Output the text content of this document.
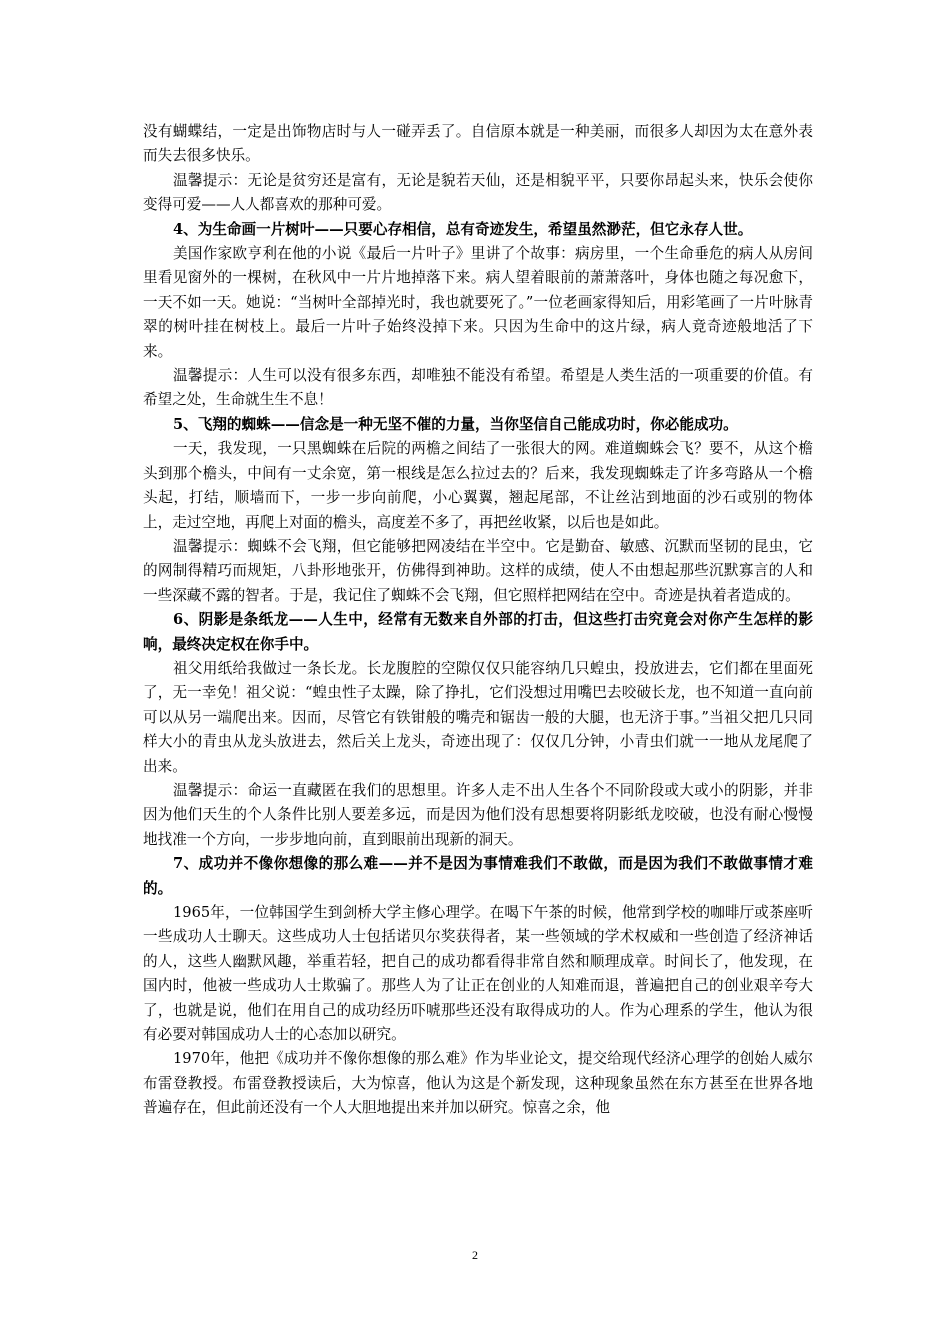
没有蝴蝶结，一定是出饰物店时与人一碰弄丢了。自信原本就是一种美丽，而很多人却因为太在意外表而失去很多快乐。

温馨提示：无论是贫穷还是富有，无论是貌若天仙，还是相貌平平，只要你昂起头来，快乐会使你变得可爱——人人都喜欢的那种可爱。

4、为生命画一片树叶——只要心存相信，总有奇迹发生，希望虽然渺茫，但它永存人世。

美国作家欧亨利在他的小说《最后一片叶子》里讲了个故事：病房里，一个生命垂危的病人从房间里看见窗外的一棵树，在秋风中一片片地掉落下来。病人望着眼前的萧萧落叶，身体也随之每况愈下，一天不如一天。她说：“当树叶全部掉光时，我也就要死了。”一位老画家得知后，用彩笔画了一片叶脉青翠的树叶挂在树枝上。最后一片叶子始终没掉下来。只因为生命中的这片绿，病人竟奇迹般地活了下来。

温馨提示：人生可以没有很多东西，却唯独不能没有希望。希望是人类生活的一项重要的价值。有希望之处，生命就生生不息！

5、飞翔的蜘蛛——信念是一种无坚不催的力量，当你坚信自己能成功时，你必能成功。

一天，我发现，一只黑蜘蛛在后院的两檐之间结了一张很大的网。难道蜘蛛会飞？要不，从这个檐头到那个檐头，中间有一丈余宽，第一根线是怎么拉过去的？后来，我发现蜘蛛走了许多弯路从一个檐头起，打结，顺墙而下，一步一步向前爬，小心翼翼，翘起尾部，不让丝沾到地面的沙石或别的物体上，走过空地，再爬上对面的檐头，高度差不多了，再把丝收紧，以后也是如此。

温馨提示：蜘蛛不会飞翔，但它能够把网凌结在半空中。它是勤奋、敏感、沉默而坚韧的昆虫，它的网制得精巧而规矩，八卦形地张开，仿佛得到神助。这样的成绩，使人不由想起那些沉默寡言的人和一些深藏不露的智者。于是，我记住了蜘蛛不会飞翔，但它照样把网结在空中。奇迹是执着者造成的。

6、阴影是条纸龙——人生中，经常有无数来自外部的打击，但这些打击究竟会对你产生怎样的影响，最终决定权在你手中。

祖父用纸给我做过一条长龙。长龙腹腔的空隙仅仅只能容纳几只蝗虫，投放进去，它们都在里面死了，无一幸免！祖父说：“蝗虫性子太躁，除了挣扎，它们没想过用嘴巴去咬破长龙，也不知道一直向前可以从另一端爬出来。因而，尽管它有铁钳般的嘴壳和锯齿一般的大腿，也无济于事。”当祖父把几只同样大小的青虫从龙头放进去，然后关上龙头，奇迹出现了：仅仅几分钟，小青虫们就一一地从龙尾爬了出来。

温馨提示：命运一直藏匿在我们的思想里。许多人走不出人生各个不同阶段或大或小的阴影，并非因为他们天生的个人条件比别人要差多远，而是因为他们没有思想要将阴影纸龙咬破，也没有耐心慢慢地找准一个方向，一步步地向前，直到眼前出现新的洞天。

7、成功并不像你想像的那么难——并不是因为事情难我们不敢做，而是因为我们不敢做事情才难的。

1965年，一位韩国学生到剑桥大学主修心理学。在喝下午茶的时候，他常到学校的咖啡厅或茶座听一些成功人士聊天。这些成功人士包括诺贝尔奖获得者，某一些领域的学术权威和一些创造了经济神话的人，这些人幽默风趣，举重若轻，把自己的成功都看得非常自然和顺理成章。时间长了，他发现，在国内时，他被一些成功人士欺骗了。那些人为了让正在创业的人知难而退，普遍把自己的创业艰辛夸大了，也就是说，他们在用自己的成功经历吓唬那些还没有取得成功的人。作为心理系的学生，他认为很有必要对韩国成功人士的心态加以研究。

1970年，他把《成功并不像你想像的那么难》作为毕业论文，提交给现代经济心理学的创始人威尔布雷登教授。布雷登教授读后，大为惊喜，他认为这是个新发现，这种现象虽然在东方甚至在世界各地普遍存在，但此前还没有一个人大胆地提出来并加以研究。惊喜之余，他

2
